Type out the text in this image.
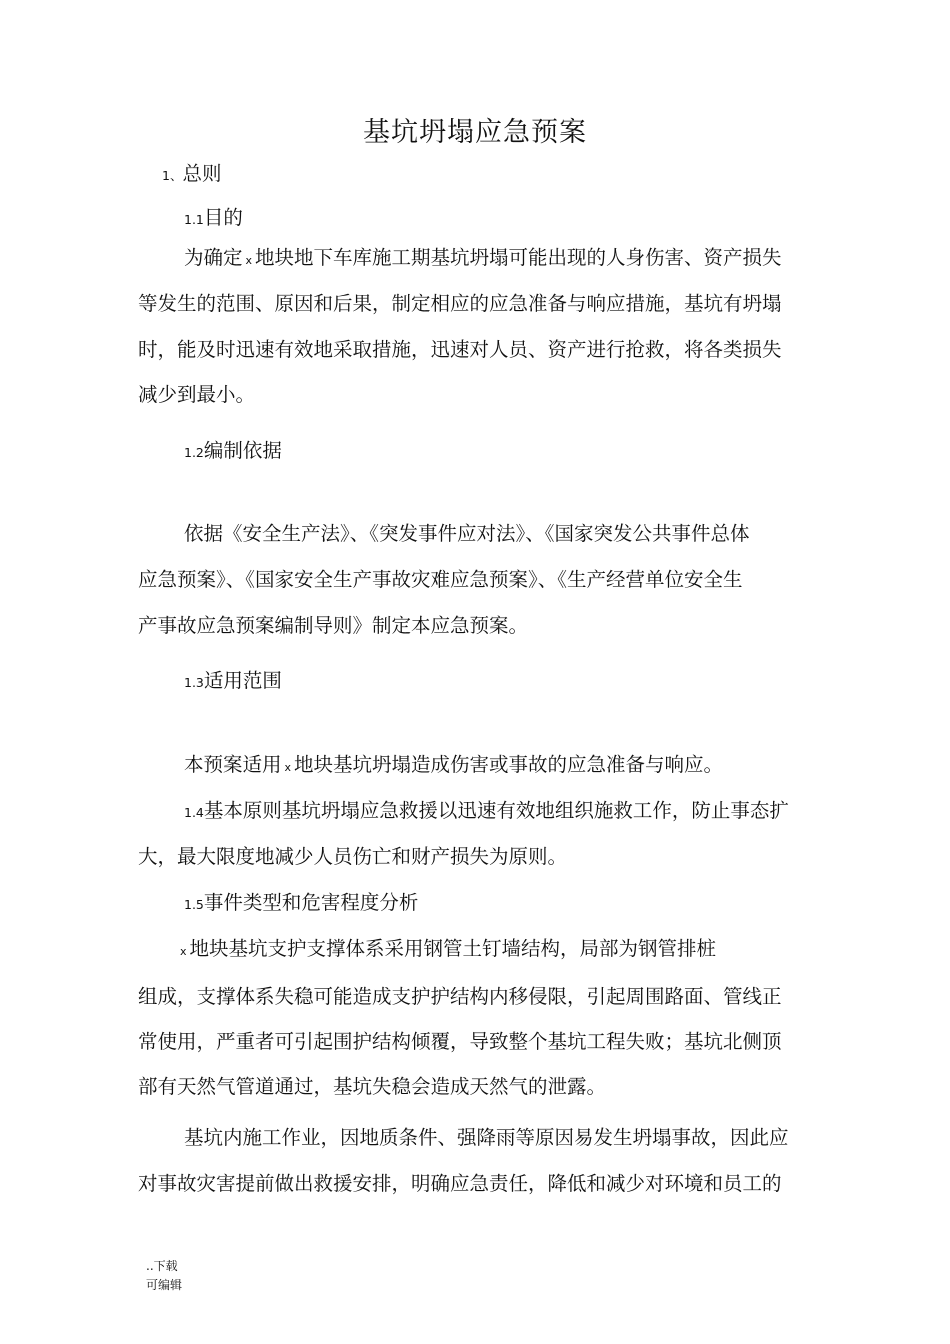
基坑坍塌应急预案
1、总则
1.1目的
为确定 x 地块地下车库施工期基坑坍塌可能出现的人身伤害、资产损失
等发生的范围、原因和后果，制定相应的应急准备与响应措施，基坑有坍塌
时，能及时迅速有效地采取措施，迅速对人员、资产进行抢救，将各类损失
减少到最小。
1.2编制依据
依据《安全生产法》、《突发事件应对法》、《国家突发公共事件总体
应急预案》、《国家安全生产事故灾难应急预案》、《生产经营单位安全生
产事故应急预案编制导则》制定本应急预案。
1.3适用范围
本预案适用 x 地块基坑坍塌造成伤害或事故的应急准备与响应。
1.4基本原则基坑坍塌应急救援以迅速有效地组织施救工作，防止事态扩
大，最大限度地减少人员伤亡和财产损失为原则。
1.5事件类型和危害程度分析
x 地块基坑支护支撑体系采用钢管土钉墙结构，局部为钢管排桩
组成，支撑体系失稳可能造成支护护结构内移侵限，引起周围路面、管线正
常使用，严重者可引起围护结构倾覆，导致整个基坑工程失败；基坑北侧顶
部有天然气管道通过，基坑失稳会造成天然气的泄露。
基坑内施工作业，因地质条件、强降雨等原因易发生坍塌事故，因此应
对事故灾害提前做出救援安排，明确应急责任，降低和减少对环境和员工的
..下载
可编辑
